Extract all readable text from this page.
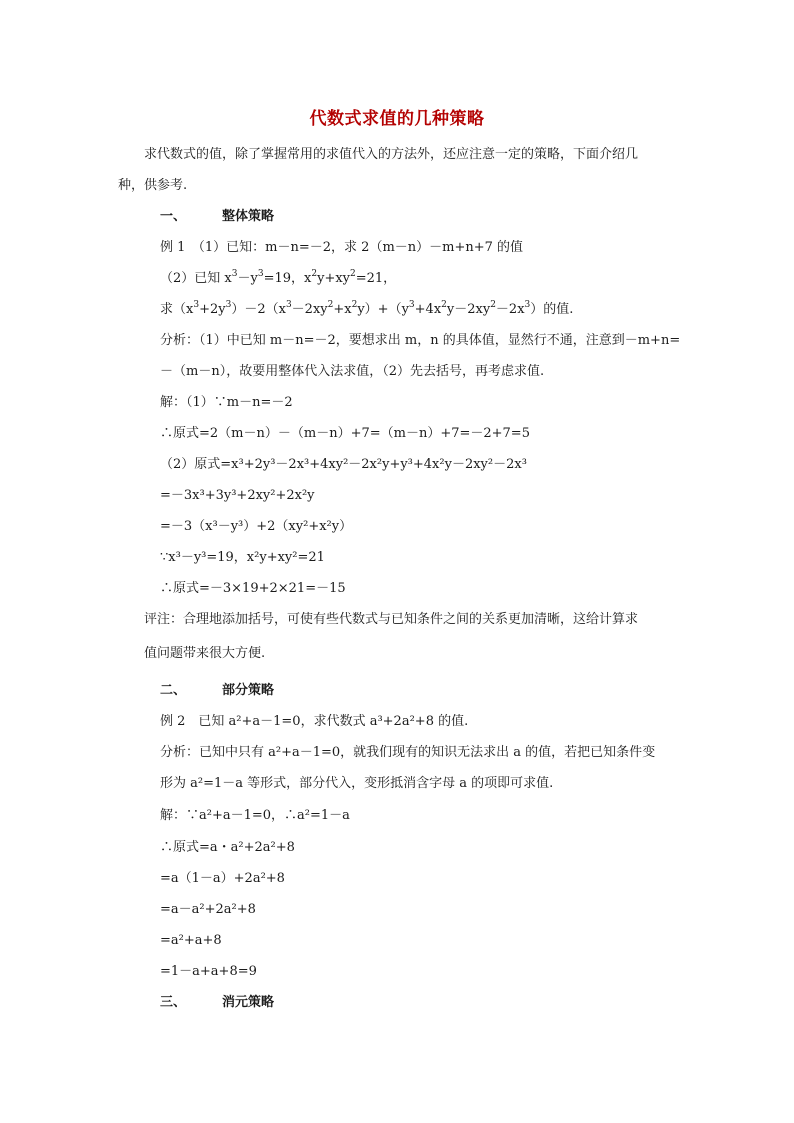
代数式求值的几种策略
求代数式的值，除了掌握常用的求值代入的方法外，还应注意一定的策略，下面介绍几
种，供参考.
一、	整体策略
例 1　（1）已知：m－n=－2，求 2（m－n）－m+n+7 的值
（2）已知 $x^3-y^3=19$，$x^2y+xy^2=21$，
求$(x^3+2y^3)-2(x^3-2xy^2+x^2y)+(y^3+4x^2y-2xy^2-2x^3)$的值.
分析：（1）中已知 m－n=－2，要想求出 m，n 的具体值，显然行不通，注意到－m+n=
－（m－n），故要用整体代入法求值，（2）先去括号，再考虑求值.
解：（1）∵m－n=－2
∴原式=2（m－n）－（m－n）+7=（m－n）+7=－2+7=5
（2）原式=x³+2y³－2x³+4xy²－2x²y+y³+4x²y－2xy²－2x³
=－3x³+3y³+2xy²+2x²y
=－3（x³－y³）+2（xy²+x²y）
∵x³－y³=19，x²y+xy²=21
∴原式=－3×19+2×21=－15
评注：合理地添加括号，可使有些代数式与已知条件之间的关系更加清晰，这给计算求
值问题带来很大方便.
二、	部分策略
例 2　已知 a²+a－1=0，求代数式 a³+2a²+8 的值.
分析：已知中只有 a²+a－1=0，就我们现有的知识无法求出 a 的值，若把已知条件变
形为 a²=1－a 等形式，部分代入，变形抵消含字母 a 的项即可求值.
解：∵a²+a－1=0，∴a²=1－a
∴原式=a・a²+2a²+8
=a（1－a）+2a²+8
=a－a²+2a²+8
=a²+a+8
=1－a+a+8=9
三、	消元策略
